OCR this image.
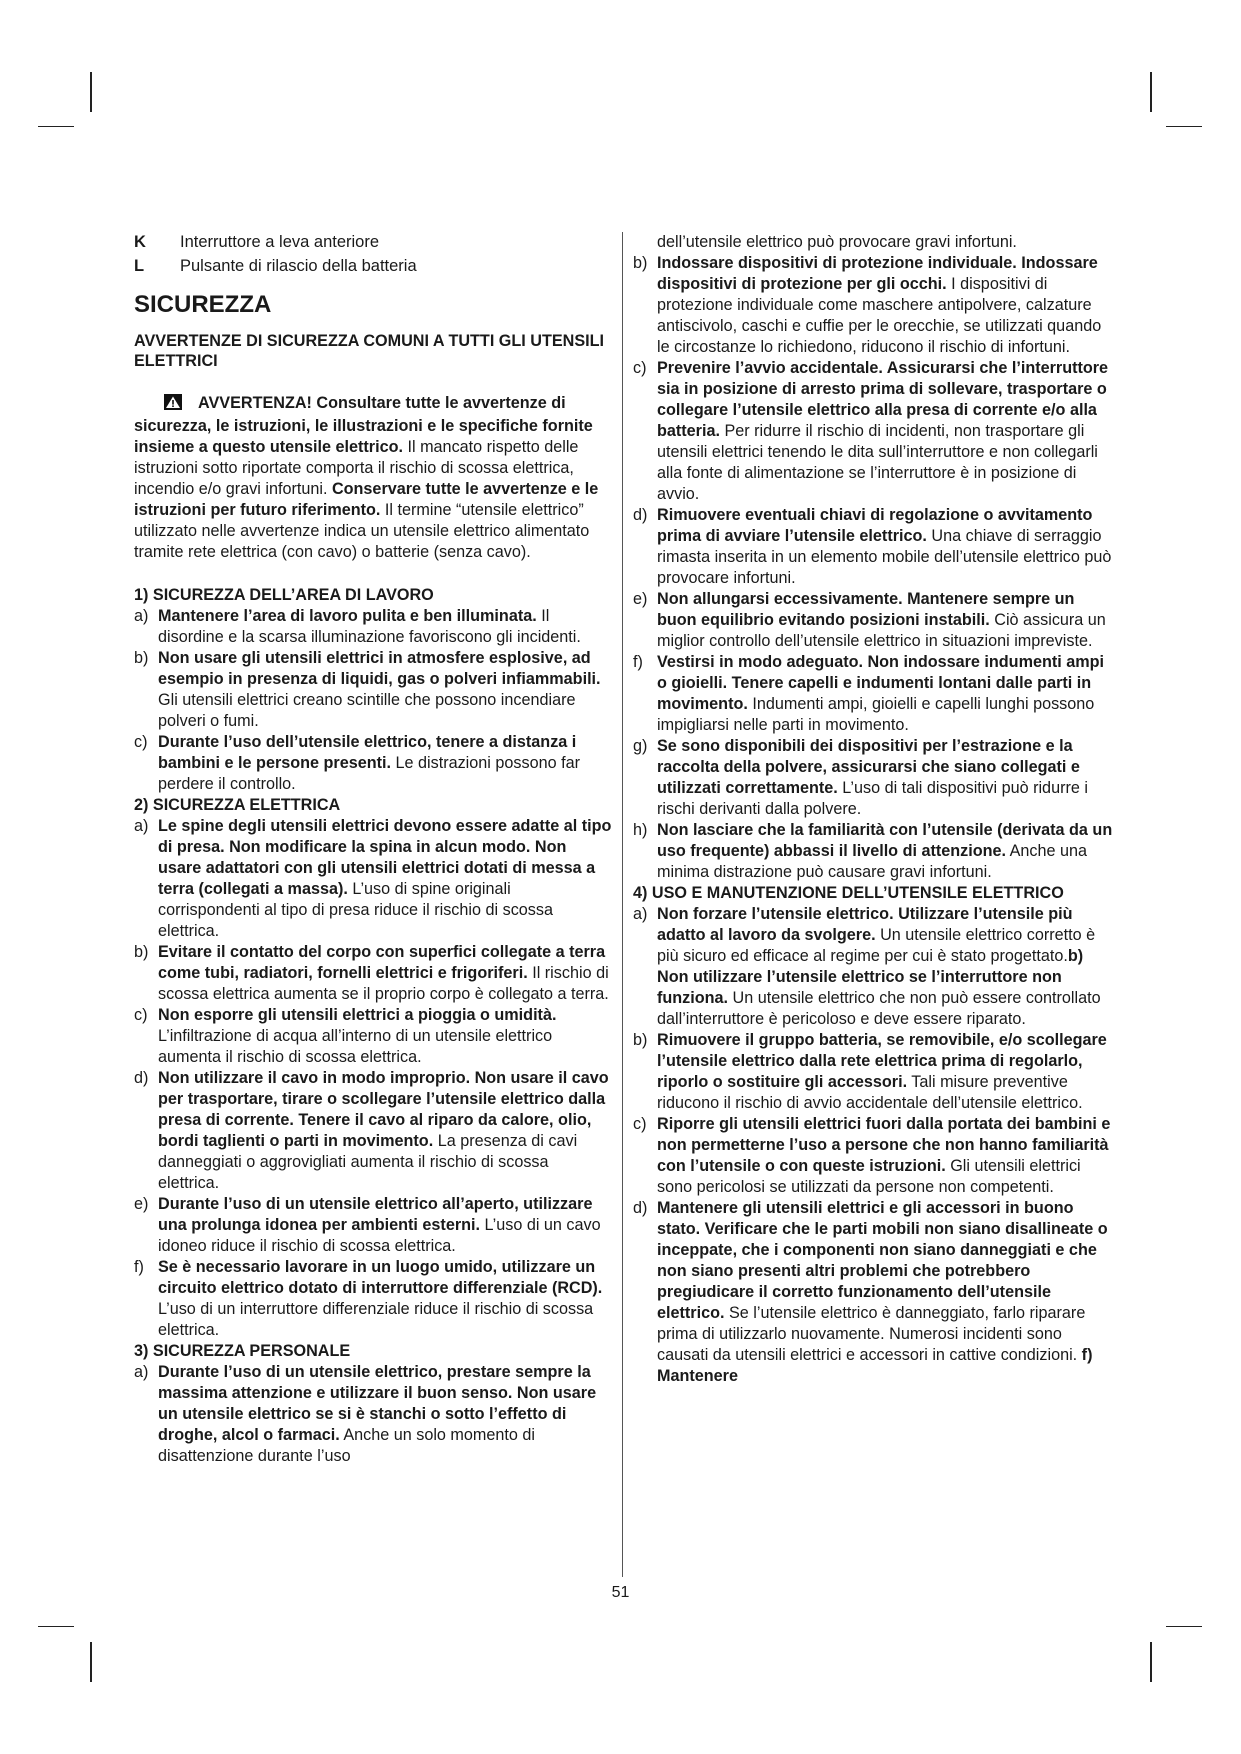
K	Interruttore a leva anteriore
L	Pulsante di rilascio della batteria
SICUREZZA
AVVERTENZE DI SICUREZZA COMUNI A TUTTI GLI UTENSILI ELETTRICI
AVVERTENZA! Consultare tutte le avvertenze di sicurezza, le istruzioni, le illustrazioni e le specifiche fornite insieme a questo utensile elettrico. Il mancato rispetto delle istruzioni sotto riportate comporta il rischio di scossa elettrica, incendio e/o gravi infortuni. Conservare tutte le avvertenze e le istruzioni per futuro riferimento. Il termine “utensile elettrico” utilizzato nelle avvertenze indica un utensile elettrico alimentato tramite rete elettrica (con cavo) o batterie (senza cavo).
1) SICUREZZA DELL’AREA DI LAVORO
a) Mantenere l’area di lavoro pulita e ben illuminata. Il disordine e la scarsa illuminazione favoriscono gli incidenti.
b) Non usare gli utensili elettrici in atmosfere esplosive, ad esempio in presenza di liquidi, gas o polveri infiammabili. Gli utensili elettrici creano scintille che possono incendiare polveri o fumi.
c) Durante l’uso dell’utensile elettrico, tenere a distanza i bambini e le persone presenti. Le distrazioni possono far perdere il controllo.
2) SICUREZZA ELETTRICA
a) Le spine degli utensili elettrici devono essere adatte al tipo di presa. Non modificare la spina in alcun modo. Non usare adattatori con gli utensili elettrici dotati di messa a terra (collegati a massa). L’uso di spine originali corrispondenti al tipo di presa riduce il rischio di scossa elettrica.
b) Evitare il contatto del corpo con superfici collegate a terra come tubi, radiatori, fornelli elettrici e frigoriferi. Il rischio di scossa elettrica aumenta se il proprio corpo è collegato a terra.
c) Non esporre gli utensili elettrici a pioggia o umidità. L’infiltrazione di acqua all’interno di un utensile elettrico aumenta il rischio di scossa elettrica.
d) Non utilizzare il cavo in modo improprio. Non usare il cavo per trasportare, tirare o scollegare l’utensile elettrico dalla presa di corrente. Tenere il cavo al riparo da calore, olio, bordi taglienti o parti in movimento. La presenza di cavi danneggiati o aggrovigliati aumenta il rischio di scossa elettrica.
e) Durante l’uso di un utensile elettrico all’aperto, utilizzare una prolunga idonea per ambienti esterni. L’uso di un cavo idoneo riduce il rischio di scossa elettrica.
f) Se è necessario lavorare in un luogo umido, utilizzare un circuito elettrico dotato di interruttore differenziale (RCD). L’uso di un interruttore differenziale riduce il rischio di scossa elettrica.
3) SICUREZZA PERSONALE
a) Durante l’uso di un utensile elettrico, prestare sempre la massima attenzione e utilizzare il buon senso. Non usare un utensile elettrico se si è stanchi o sotto l’effetto di droghe, alcol o farmaci. Anche un solo momento di disattenzione durante l’uso
dell’utensile elettrico può provocare gravi infortuni.
b) Indossare dispositivi di protezione individuale. Indossare dispositivi di protezione per gli occhi. I dispositivi di protezione individuale come maschere antipolvere, calzature antiscivolo, caschi e cuffie per le orecchie, se utilizzati quando le circostanze lo richiedono, riducono il rischio di infortuni.
c) Prevenire l’avvio accidentale. Assicurarsi che l’interruttore sia in posizione di arresto prima di sollevare, trasportare o collegare l’utensile elettrico alla presa di corrente e/o alla batteria. Per ridurre il rischio di incidenti, non trasportare gli utensili elettrici tenendo le dita sull’interruttore e non collegarli alla fonte di alimentazione se l’interruttore è in posizione di avvio.
d) Rimuovere eventuali chiavi di regolazione o avvitamento prima di avviare l’utensile elettrico. Una chiave di serraggio rimasta inserita in un elemento mobile dell’utensile elettrico può provocare infortuni.
e) Non allungarsi eccessivamente. Mantenere sempre un buon equilibrio evitando posizioni instabili. Ciò assicura un miglior controllo dell’utensile elettrico in situazioni impreviste.
f) Vestirsi in modo adeguato. Non indossare indumenti ampi o gioielli. Tenere capelli e indumenti lontani dalle parti in movimento. Indumenti ampi, gioielli e capelli lunghi possono impigliarsi nelle parti in movimento.
g) Se sono disponibili dei dispositivi per l’estrazione e la raccolta della polvere, assicurarsi che siano collegati e utilizzati correttamente. L’uso di tali dispositivi può ridurre i rischi derivanti dalla polvere.
h) Non lasciare che la familiarità con l’utensile (derivata da un uso frequente) abbassi il livello di attenzione. Anche una minima distrazione può causare gravi infortuni.
4) USO E MANUTENZIONE DELL’UTENSILE ELETTRICO
a) Non forzare l’utensile elettrico. Utilizzare l’utensile più adatto al lavoro da svolgere. Un utensile elettrico corretto è più sicuro ed efficace al regime per cui è stato progettato.b) Non utilizzare l’utensile elettrico se l’interruttore non funziona. Un utensile elettrico che non può essere controllato dall’interruttore è pericoloso e deve essere riparato.
b) Rimuovere il gruppo batteria, se removibile, e/o scollegare l’utensile elettrico dalla rete elettrica prima di regolarlo, riporlo o sostituire gli accessori. Tali misure preventive riducono il rischio di avvio accidentale dell’utensile elettrico.
c) Riporre gli utensili elettrici fuori dalla portata dei bambini e non permetterne l’uso a persone che non hanno familiarità con l’utensile o con queste istruzioni. Gli utensili elettrici sono pericolosi se utilizzati da persone non competenti.
d) Mantenere gli utensili elettrici e gli accessori in buono stato. Verificare che le parti mobili non siano disallineate o inceppate, che i componenti non siano danneggiati e che non siano presenti altri problemi che potrebbero pregiudicare il corretto funzionamento dell’utensile elettrico. Se l’utensile elettrico è danneggiato, farlo riparare prima di utilizzarlo nuovamente. Numerosi incidenti sono causati da utensili elettrici e accessori in cattive condizioni. f) Mantenere
51
